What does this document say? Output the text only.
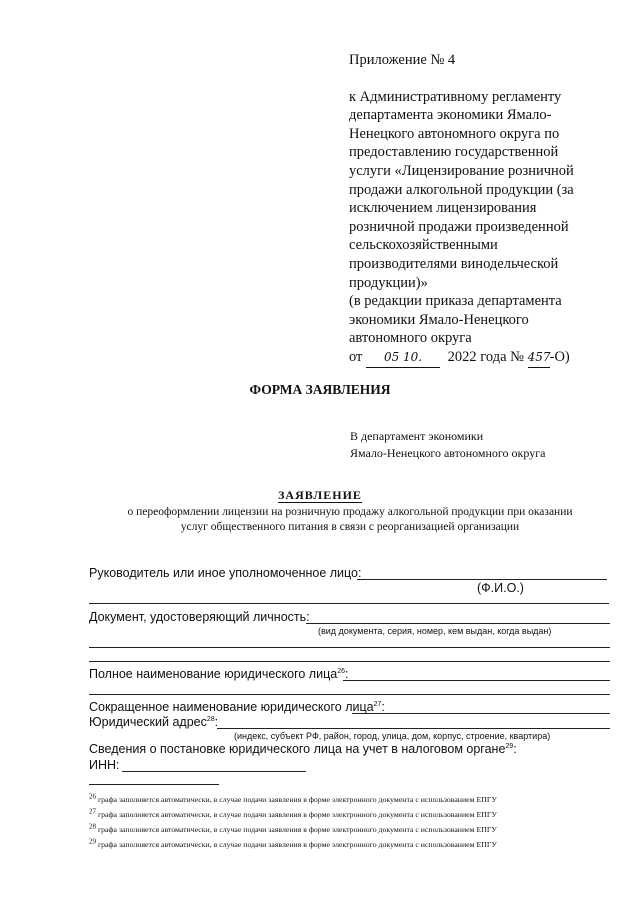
Приложение № 4
к Административному регламенту
департамента экономики Ямало-
Ненецкого автономного округа по
предоставлению государственной
услуги «Лицензирование розничной
продажи алкогольной продукции (за
исключением лицензирования
розничной продажи произведенной
сельскохозяйственными
производителями винодельческой
продукции)»
(в редакции приказа департамента
экономики Ямало-Ненецкого
автономного округа
от 05 10. 2022 года № 457-О)
ФОРМА ЗАЯВЛЕНИЯ
В департамент экономики
Ямало-Ненецкого автономного округа
ЗАЯВЛЕНИЕ
о переоформлении лицензии на розничную продажу алкогольной продукции при оказании
услуг общественного питания в связи с реорганизацией организации
Руководитель или иное уполномоченное лицо:
(Ф.И.О.)
Документ, удостоверяющий личность:
(вид документа, серия, номер, кем выдан, когда выдан)
Полное наименование юридического лица$^{26}$:
Сокращенное наименование юридического лица$^{27}$:
Юридический адрес$^{28}$:
(индекс, субъект РФ, район, город, улица, дом, корпус, строение, квартира)
Сведения о постановке юридического лица на учет в налоговом органе$^{29}$:
ИНН:
$^{26}$ графа заполняется автоматически, в случае подачи заявления в форме электронного документа с использованием ЕПГУ
$^{27}$ графа заполняется автоматически, в случае подачи заявления в форме электронного документа с использованием ЕПГУ
$^{28}$ графа заполняется автоматически, в случае подачи заявления в форме электронного документа с использованием ЕПГУ
$^{29}$ графа заполняется автоматически, в случае подачи заявления в форме электронного документа с использованием ЕПГУ
